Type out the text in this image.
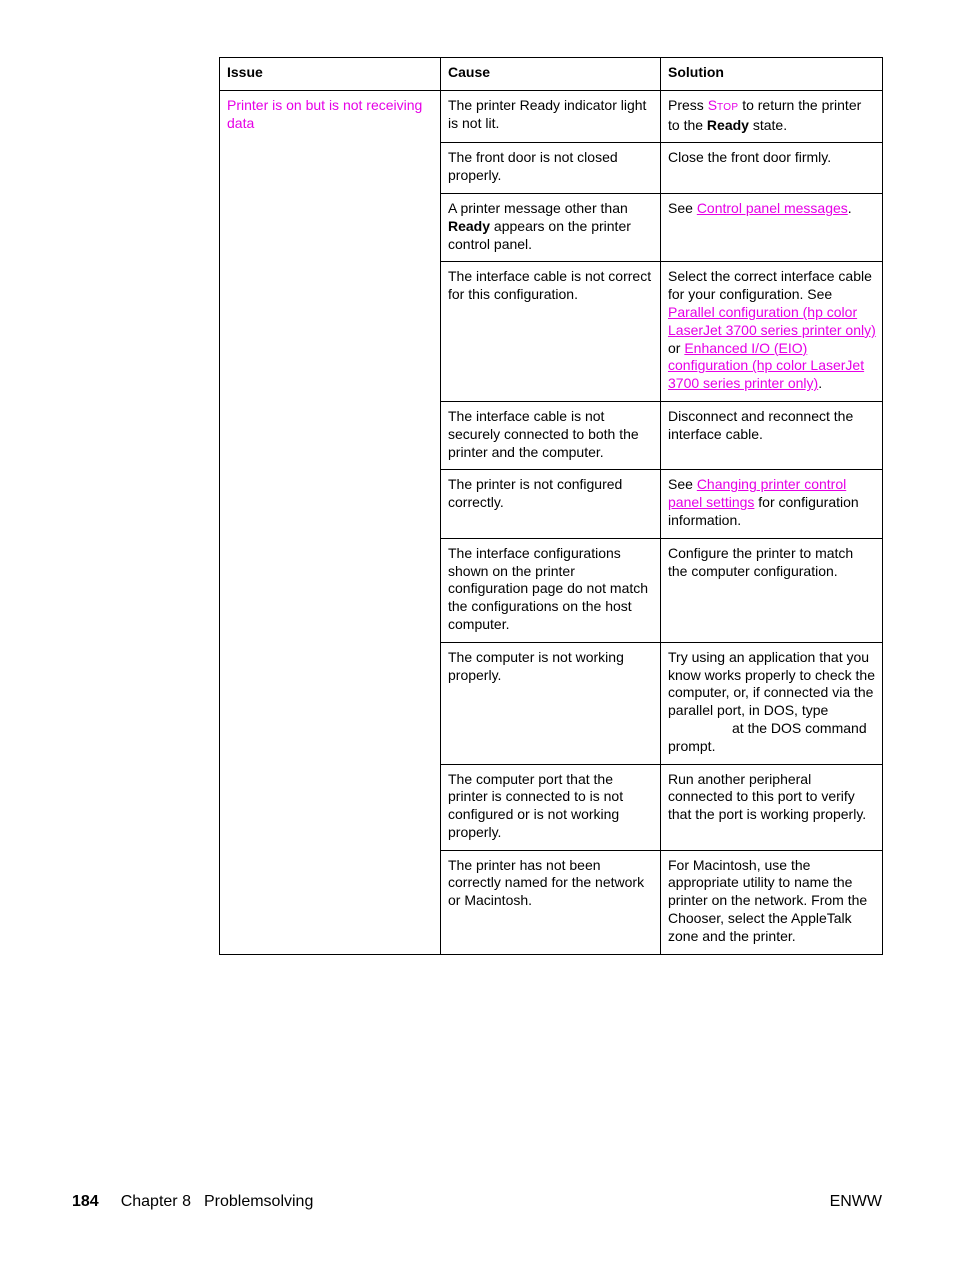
Issue	Cause	Solution
Printer is on but is not receiving data	The printer Ready indicator light is not lit.	Press STOP to return the printer to the Ready state.
	The front door is not closed properly.	Close the front door firmly.
	A printer message other than Ready appears on the printer control panel.	See Control panel messages.
	The interface cable is not correct for this configuration.	Select the correct interface cable for your configuration. See Parallel configuration (hp color LaserJet 3700 series printer only) or Enhanced I/O (EIO) configuration (hp color LaserJet 3700 series printer only).
	The interface cable is not securely connected to both the printer and the computer.	Disconnect and reconnect the interface cable.
	The printer is not configured correctly.	See Changing printer control panel settings for configuration information.
	The interface configurations shown on the printer configuration page do not match the configurations on the host computer.	Configure the printer to match the computer configuration.
	The computer is not working properly.	Try using an application that you know works properly to check the computer, or, if connected via the parallel port, in DOS, typeat the DOS command prompt.
	The computer port that the printer is connected to is not configured or is not working properly.	Run another peripheral connected to this port to verify that the port is working properly.
	The printer has not been correctly named for the network or Macintosh.	For Macintosh, use the appropriate utility to name the printer on the network. From the Chooser, select the AppleTalk zone and the printer.
184 Chapter 8 Problemsolving	ENWW
